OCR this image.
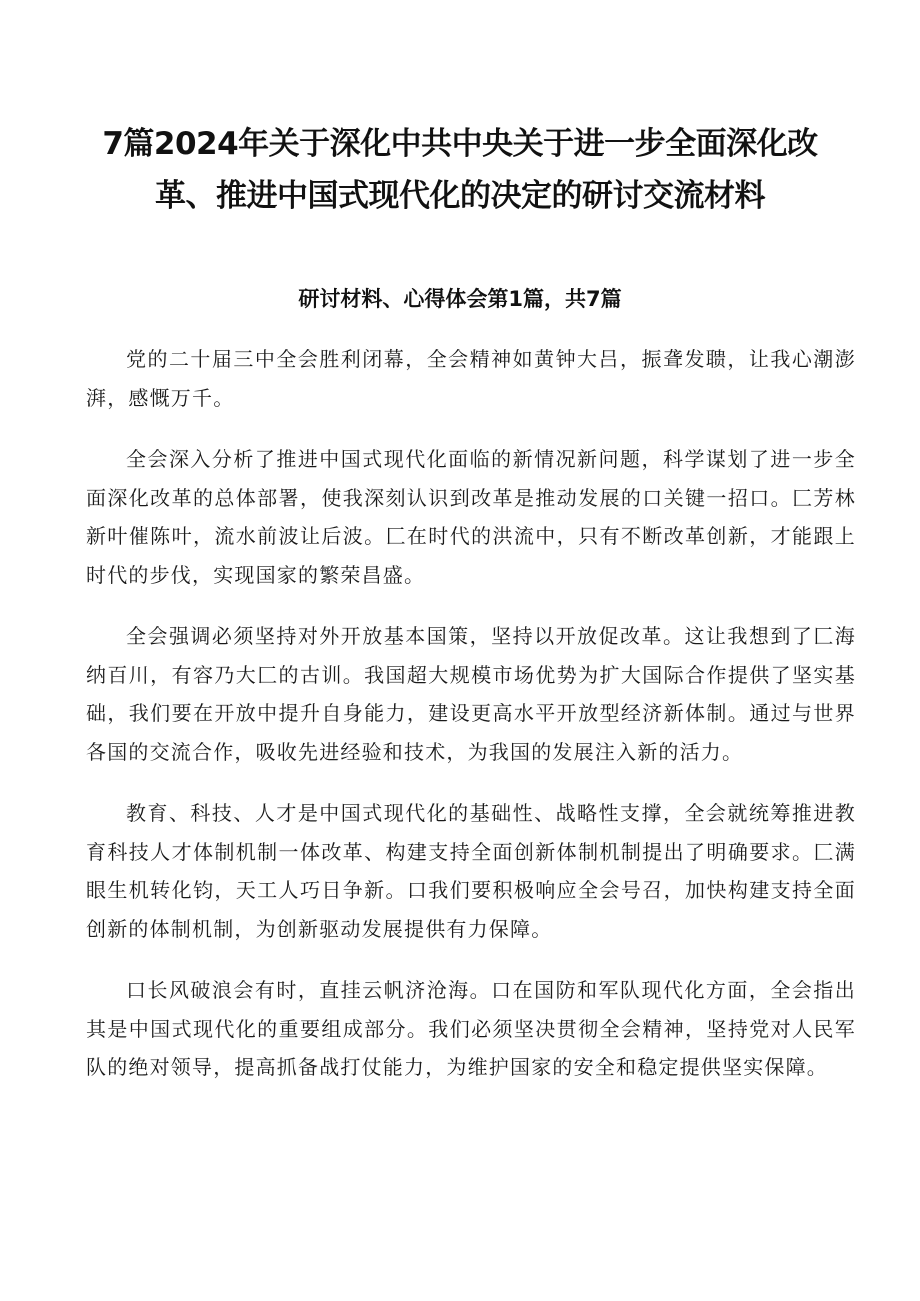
7篇2024年关于深化中共中央关于进一步全面深化改
革、推进中国式现代化的决定的研讨交流材料
研讨材料、心得体会第1篇，共7篇

党的二十届三中全会胜利闭幕，全会精神如黄钟大吕，振聋发聩，让我心潮澎湃，感慨万千。

全会深入分析了推进中国式现代化面临的新情况新问题，科学谋划了进一步全面深化改革的总体部署，使我深刻认识到改革是推动发展的口关键一招口。匚芳林新叶催陈叶，流水前波让后波。匚在时代的洪流中，只有不断改革创新，才能跟上时代的步伐，实现国家的繁荣昌盛。

全会强调必须坚持对外开放基本国策，坚持以开放促改革。这让我想到了匚海纳百川，有容乃大匚的古训。我国超大规模市场优势为扩大国际合作提供了坚实基础，我们要在开放中提升自身能力，建设更高水平开放型经济新体制。通过与世界各国的交流合作，吸收先进经验和技术，为我国的发展注入新的活力。

教育、科技、人才是中国式现代化的基础性、战略性支撑，全会就统筹推进教育科技人才体制机制一体改革、构建支持全面创新体制机制提出了明确要求。匚满眼生机转化钧，天工人巧日争新。口我们要积极响应全会号召，加快构建支持全面创新的体制机制，为创新驱动发展提供有力保障。

口长风破浪会有时，直挂云帆济沧海。口在国防和军队现代化方面，全会指出其是中国式现代化的重要组成部分。我们必须坚决贯彻全会精神，坚持党对人民军队的绝对领导，提高抓备战打仗能力，为维护国家的安全和稳定提供坚实保障。
